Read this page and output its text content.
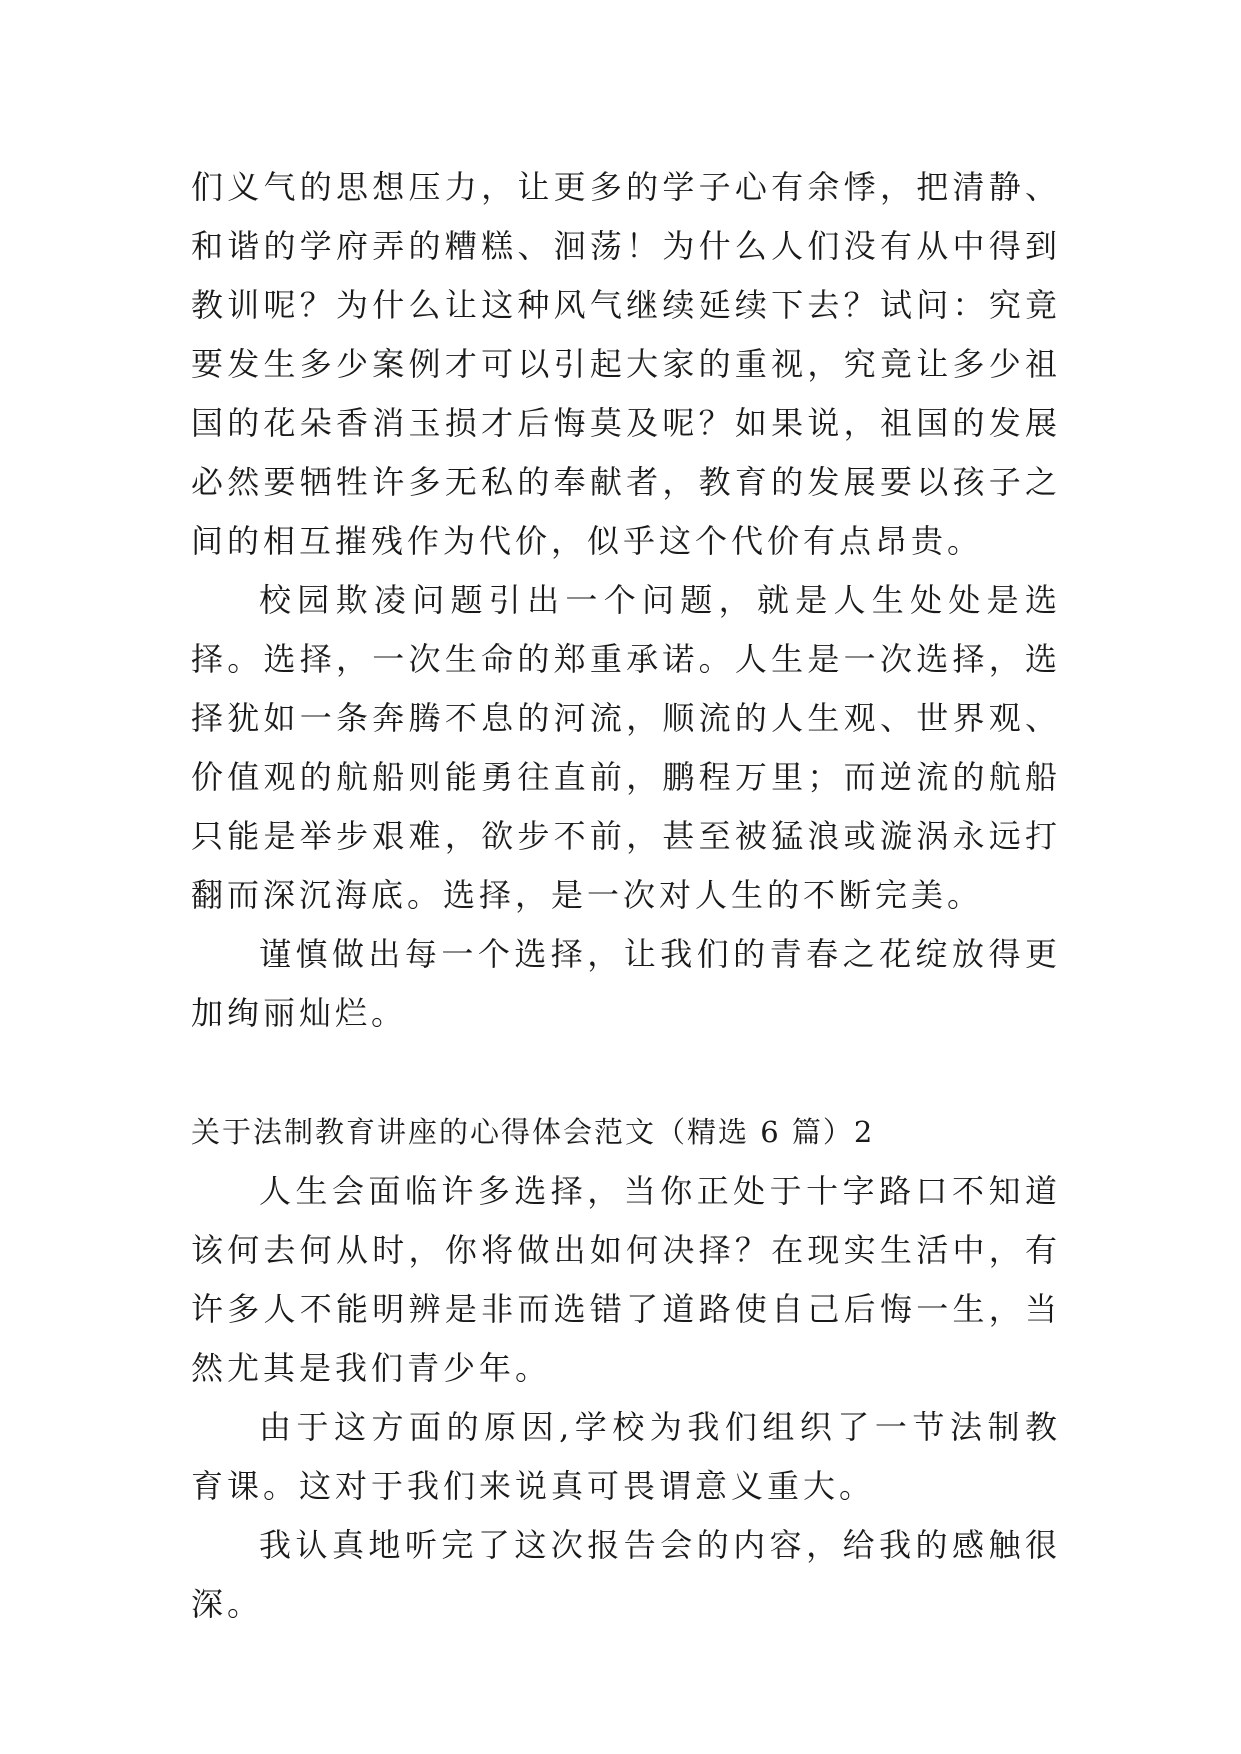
们义气的思想压力，让更多的学子心有余悸，把清静、和谐的学府弄的糟糕、洄荡！为什么人们没有从中得到教训呢？为什么让这种风气继续延续下去？试问：究竟要发生多少案例才可以引起大家的重视，究竟让多少祖国的花朵香消玉损才后悔莫及呢？如果说，祖国的发展必然要牺牲许多无私的奉献者，教育的发展要以孩子之间的相互摧残作为代价，似乎这个代价有点昂贵。

校园欺凌问题引出一个问题，就是人生处处是选择。选择，一次生命的郑重承诺。人生是一次选择，选择犹如一条奔腾不息的河流，顺流的人生观、世界观、价值观的航船则能勇往直前，鹏程万里；而逆流的航船只能是举步艰难，欲步不前，甚至被猛浪或漩涡永远打翻而深沉海底。选择，是一次对人生的不断完美。

谨慎做出每一个选择，让我们的青春之花绽放得更加绚丽灿烂。

关于法制教育讲座的心得体会范文（精选 6 篇）2

人生会面临许多选择，当你正处于十字路口不知道该何去何从时，你将做出如何决择？在现实生活中，有许多人不能明辨是非而选错了道路使自己后悔一生，当然尤其是我们青少年。

由于这方面的原因,学校为我们组织了一节法制教育课。这对于我们来说真可畏谓意义重大。

我认真地听完了这次报告会的内容，给我的感触很深。
